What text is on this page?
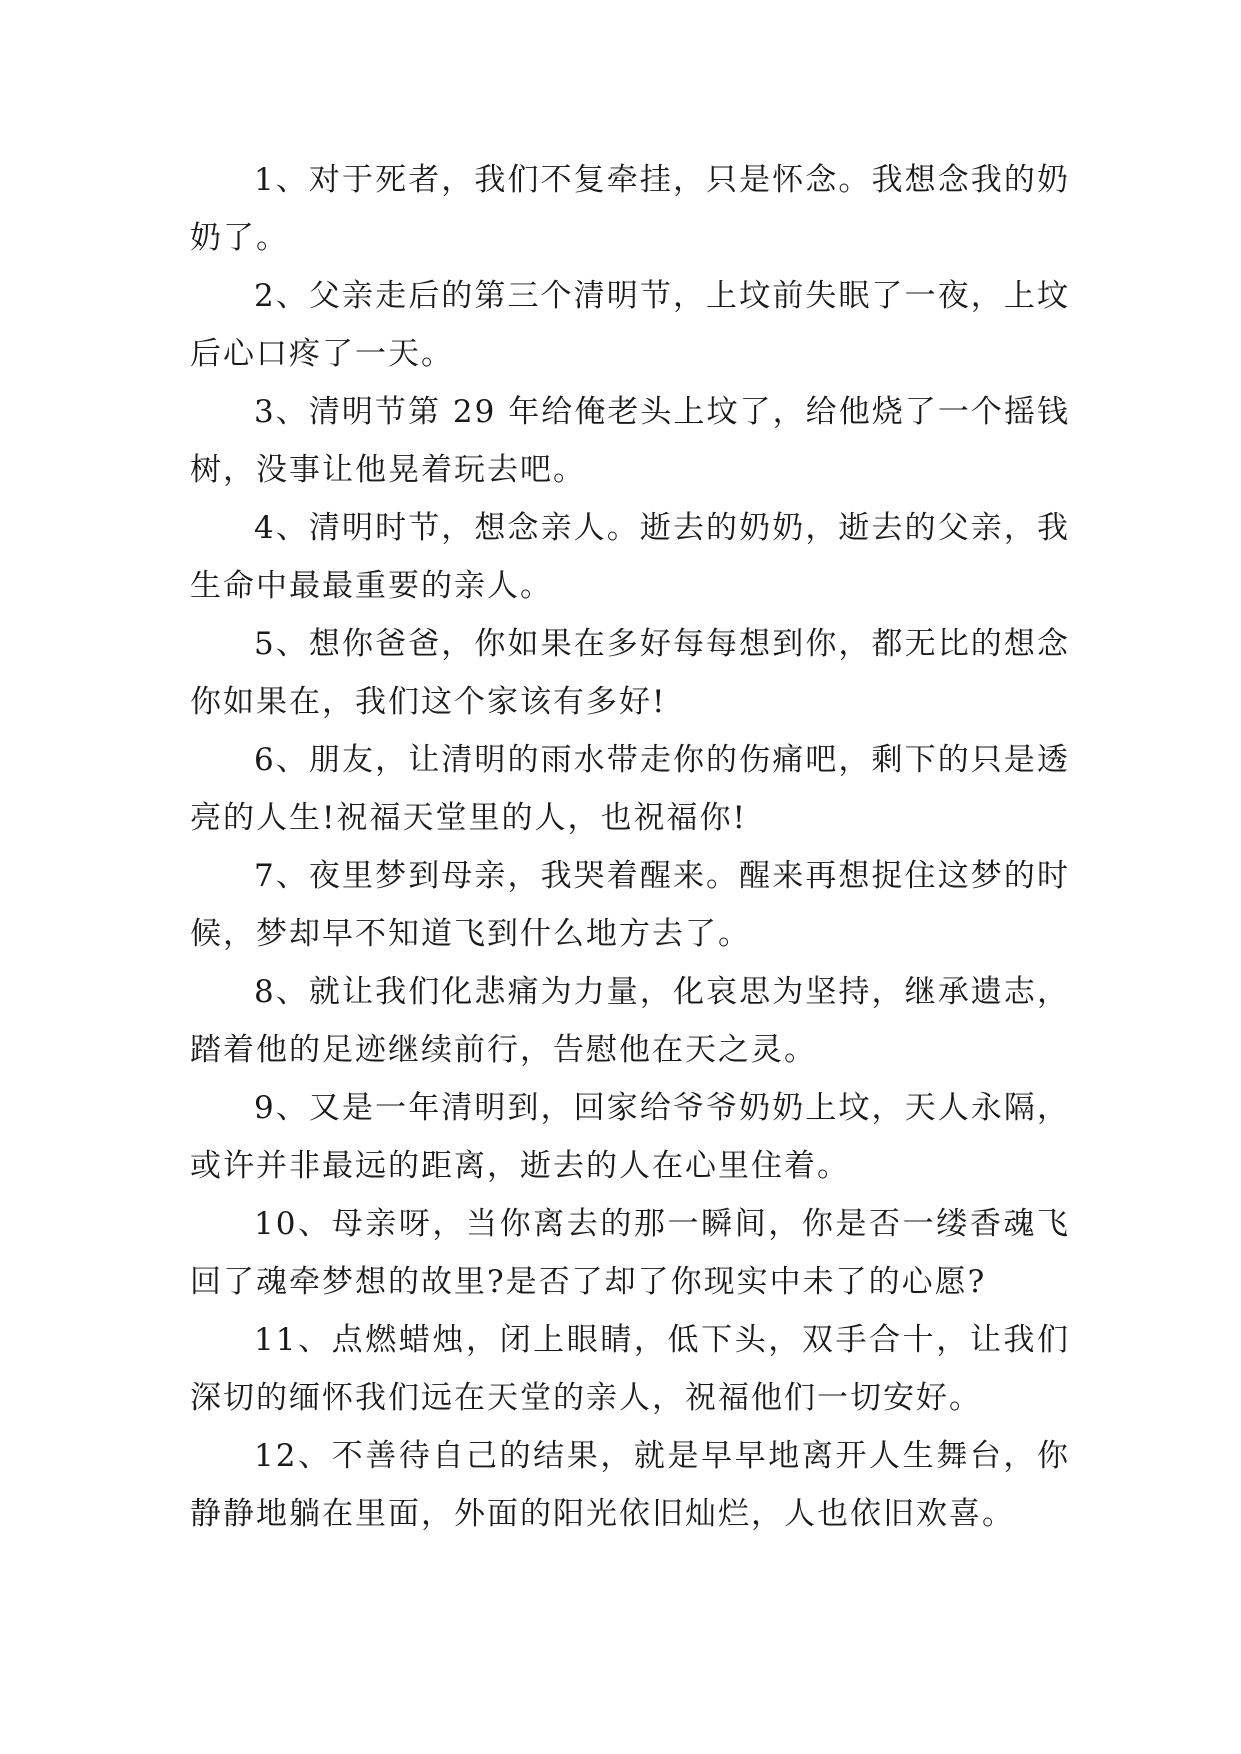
1、对于死者，我们不复牵挂，只是怀念。我想念我的奶奶了。

2、父亲走后的第三个清明节，上坟前失眠了一夜，上坟后心口疼了一天。

3、清明节第 29 年给俺老头上坟了，给他烧了一个摇钱树，没事让他晃着玩去吧。

4、清明时节，想念亲人。逝去的奶奶，逝去的父亲，我生命中最最重要的亲人。

5、想你爸爸，你如果在多好每每想到你，都无比的想念你如果在，我们这个家该有多好!

6、朋友，让清明的雨水带走你的伤痛吧，剩下的只是透亮的人生!祝福天堂里的人，也祝福你!

7、夜里梦到母亲，我哭着醒来。醒来再想捉住这梦的时候，梦却早不知道飞到什么地方去了。

8、就让我们化悲痛为力量，化哀思为坚持，继承遗志，踏着他的足迹继续前行，告慰他在天之灵。

9、又是一年清明到，回家给爷爷奶奶上坟，天人永隔，或许并非最远的距离，逝去的人在心里住着。

10、母亲呀，当你离去的那一瞬间，你是否一缕香魂飞回了魂牵梦想的故里?是否了却了你现实中未了的心愿?

11、点燃蜡烛，闭上眼睛，低下头，双手合十，让我们深切的缅怀我们远在天堂的亲人，祝福他们一切安好。

12、不善待自己的结果，就是早早地离开人生舞台，你静静地躺在里面，外面的阳光依旧灿烂，人也依旧欢喜。
